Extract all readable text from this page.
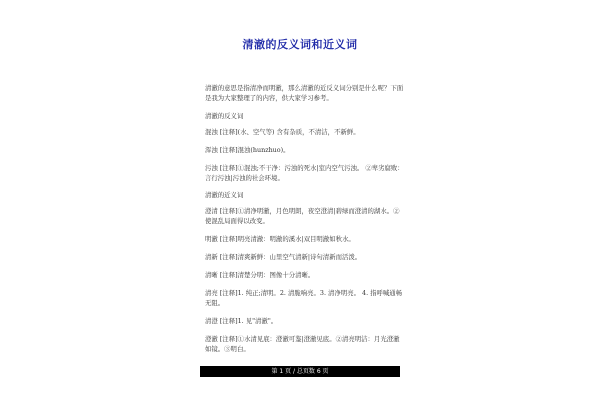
清澈的反义词和近义词

清澈的意思是指清净而明澈，那么清澈的近反义词分别是什么呢？下面是我为大家整理了的内容，供大家学习参考。

清澈的反义词

混浊 [注释](水、空气等) 含有杂质，不清洁，不新鲜。

浑浊 [注释]混浊(hunzhuo)。

污浊 [注释]①混浊;不干净：污浊的死水|室内空气污浊。 ②卑劣腐败：言行污浊|污浊的社会环境。

清澈的近义词

澄清 [注释]①清净明澈，月色明朗，夜空澄清|碧绿而澄清的湖水。②使混乱局面得以改变。

明澈 [注释]明亮清澈：明澈的溪水|双目明澈如秋水。

清新 [注释]清爽新鲜：山里空气清新|诗句清新而活泼。

清晰 [注释]清楚分明：图像十分清晰。

清亮 [注释]1. 纯正;清明。2. 清脆响亮。3. 清净明亮。 4. 指呼喊通畅无阻。

清澄 [注释]1. 见"清澈"。

澄澈 [注释]①水清见底：澄澈可鉴|澄澈见底。②清亮明洁：月光澄澈如镜。③明白。

第 1 页 / 总页数 6 页
